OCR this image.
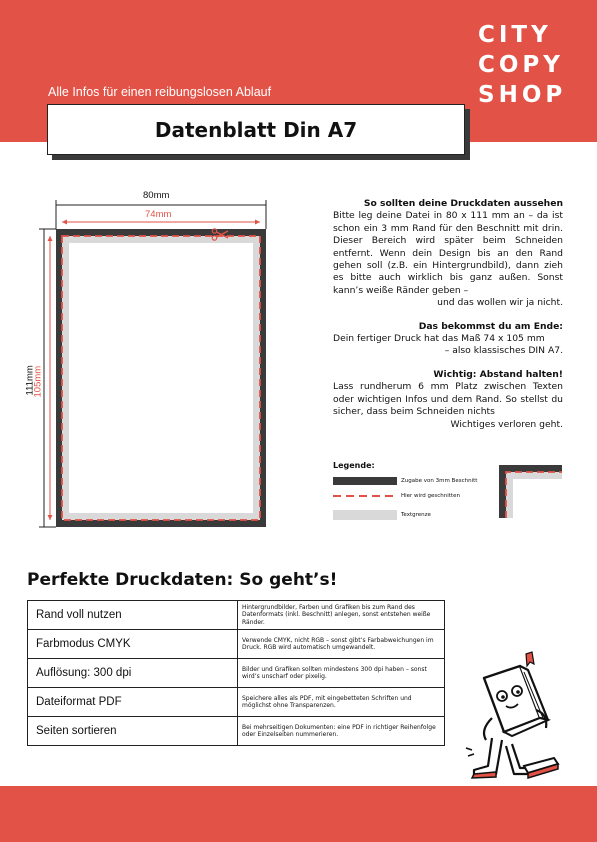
Alle Infos für einen reibungslosen Ablauf
CITY
COPY
SHOP
Datenblatt Din A7
80mm
74mm
111mm
105mm

So sollten deine Druckdaten aussehen
Bitte leg deine Datei in 80 x 111 mm an – da ist schon ein 3 mm Rand für den Beschnitt mit drin. Dieser Bereich wird später beim Schneiden entfernt. Wenn dein Design bis an den Rand gehen soll (z.B. ein Hintergrundbild), dann zieh es bitte auch wirklich bis ganz außen. Sonst kann’s weiße Ränder geben –
und das wollen wir ja nicht.

Das bekommst du am Ende:
Dein fertiger Druck hat das Maß 74 x 105 mm
– also klassisches DIN A7.

Wichtig: Abstand halten!
Lass rundherum 6 mm Platz zwischen Texten oder wichtigen Infos und dem Rand. So stellst du sicher, dass beim Schneiden nichts
Wichtiges verloren geht.

Legende:
Zugabe von 3mm Beschnitt
Hier wird geschnitten
Textgrenze
Perfekte Druckdaten: So geht’s!
Rand voll nutzen	Hintergrundbilder, Farben und Grafiken bis zum Rand des Datenformats (inkl. Beschnitt) anlegen, sonst entstehen weiße Ränder.
Farbmodus CMYK	Verwende CMYK, nicht RGB – sonst gibt’s Farbabweichungen im Druck. RGB wird automatisch umgewandelt.
Auflösung: 300 dpi	Bilder und Grafiken sollten mindestens 300 dpi haben – sonst wird’s unscharf oder pixelig.
Dateiformat PDF	Speichere alles als PDF, mit eingebetteten Schriften und möglichst ohne Transparenzen.
Seiten sortieren	Bei mehrseitigen Dokumenten: eine PDF in richtiger Reihenfolge oder Einzelseiten nummerieren.
